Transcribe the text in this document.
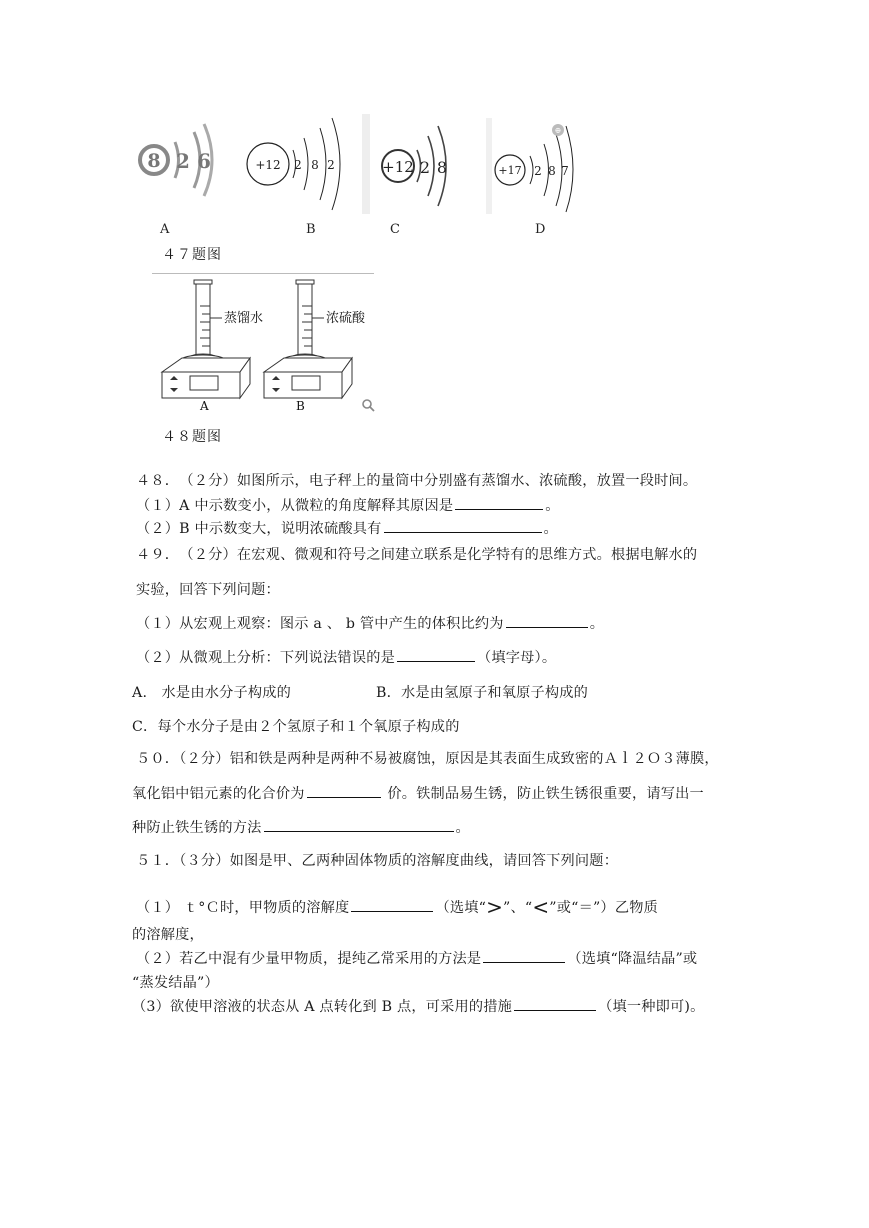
8 2 6	+12 2 8 2	+12 2 8	+17 2 8 7
⊕
A	B	C	D
４７题图
蒸馏水
A
浓硫酸
B
４８题图
４８．　（２分）如图所示，电子秤上的量筒中分别盛有蒸馏水、浓硫酸，放置一段时间。
（１）A 中示数变小，从微粒的角度解释其原因是	。
（２）B 中示数变大，说明浓硫酸具有	。
４９．　（２分）在宏观、微观和符号之间建立联系是化学特有的思维方式。根据电解水的
实验，回答下列问题：
（１）从宏观上观察：图示 a 、 b 管中产生的体积比约为	。
（２）从微观上分析：下列说法错误的是	（填字母）。
A.　水是由水分子构成的	B．水是由氢原子和氧原子构成的
C．每个水分子是由２个氢原子和１个氧原子构成的
５０．（２分）铝和铁是两种是两种不易被腐蚀，原因是其表面生成致密的Ａｌ２Ｏ３薄膜，
氧化铝中铝元素的化合价为	价。铁制品易生锈，防止铁生锈很重要，请写出一
种防止铁生锈的方法	。
５１．（３分）如图是甲、乙两种固体物质的溶解度曲线，请回答下列问题：
（１） ｔ°Ｃ时，甲物质的溶解度	（选填“>”、“<”或“＝”）乙物质
的溶解度，
（２）若乙中混有少量甲物质，提纯乙常采用的方法是	（选填“降温结晶”或
“蒸发结晶”）
（3）欲使甲溶液的状态从 A 点转化到 B 点，可采用的措施	（填一种即可)。
